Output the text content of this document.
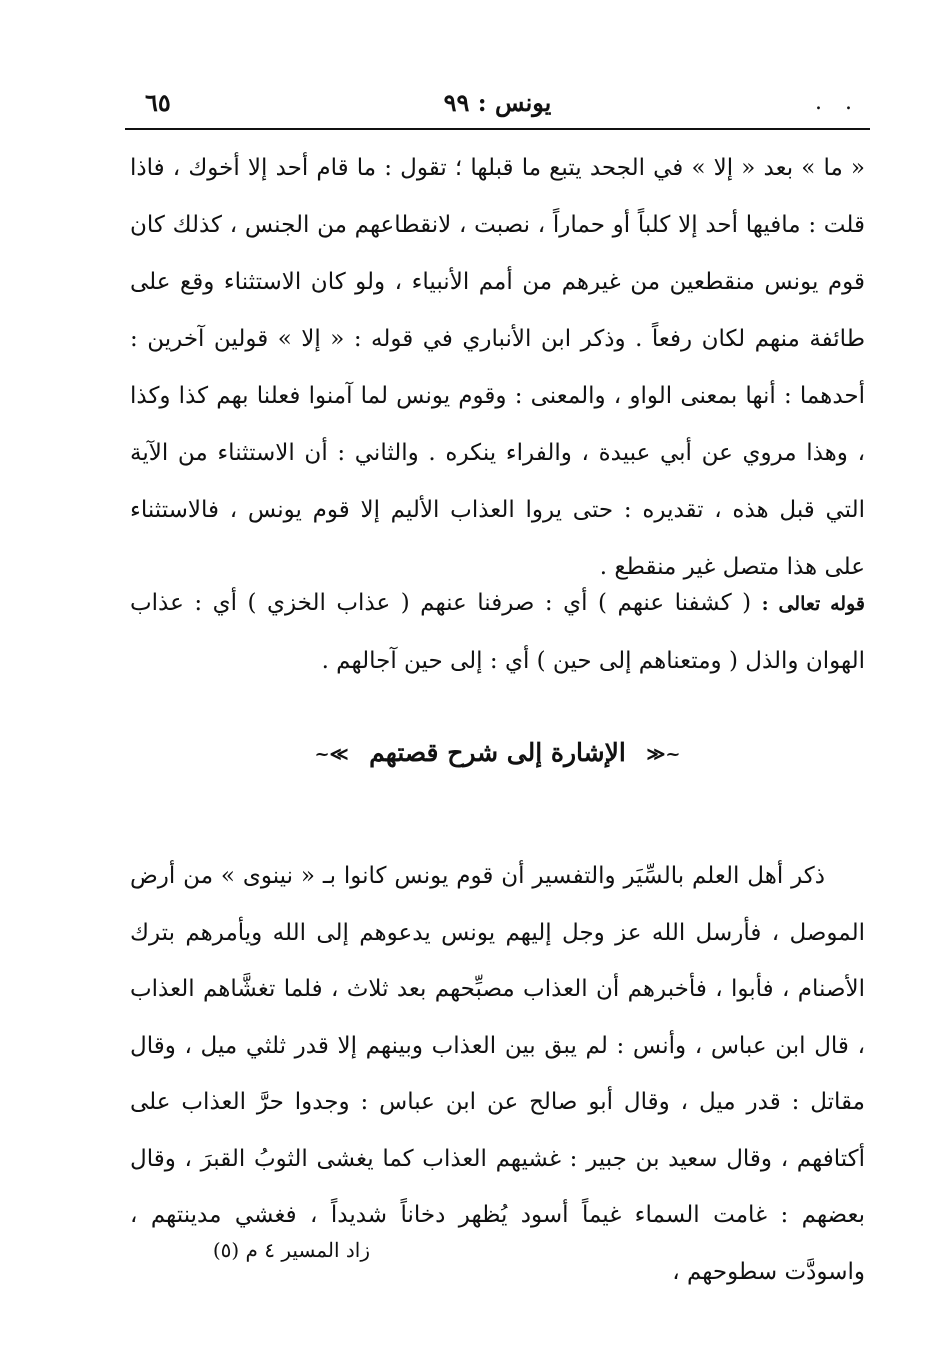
٦٥	يونس : ٩٩	. .
« ما » بعد « إلا » في الجحد يتبع ما قبلها ؛ تقول : ما قام أحد إلا أخوك ، فاذا قلت : مافيها أحد إلا كلباً أو حماراً ، نصبت ، لانقطاعهم من الجنس ، كذلك كان قوم يونس منقطعين من غيرهم من أمم الأنبياء ، ولو كان الاستثناء وقع على طائفة منهم لكان رفعاً . وذكر ابن الأنباري في قوله : « إلا » قولين آخرين : أحدهما : أنها بمعنى الواو ، والمعنى : وقوم يونس لما آمنوا فعلنا بهم كذا وكذا ، وهذا مروي عن أبي عبيدة ، والفراء ينكره . والثاني : أن الاستثناء من الآية التي قبل هذه ، تقديره : حتى يروا العذاب الأليم إلا قوم يونس ، فالاستثناء على هذا متصل غير منقطع .
قوله تعالى : ( كشفنا عنهم ) أي : صرفنا عنهم ( عذاب الخزي ) أي : عذاب الهوان والذل ( ومتعناهم إلى حين ) أي : إلى حين آجالهم .
~≪ الإشارة إلى شرح قصتهم ≫~
ذكر أهل العلم بالسِّيَر والتفسير أن قوم يونس كانوا بـ « نينوى » من أرض الموصل ، فأرسل الله عز وجل إليهم يونس يدعوهم إلى الله ويأمرهم بترك الأصنام ، فأبوا ، فأخبرهم أن العذاب مصبِّحهم بعد ثلاث ، فلما تغشَّاهم العذاب ، قال ابن عباس ، وأنس : لم يبق بين العذاب وبينهم إلا قدر ثلثي ميل ، وقال مقاتل : قدر ميل ، وقال أبو صالح عن ابن عباس : وجدوا حرَّ العذاب على أكتافهم ، وقال سعيد بن جبير : غشيهم العذاب كما يغشى الثوبُ القبرَ ، وقال بعضهم : غامت السماء غيماً أسود يُظهر دخاناً شديداً ، فغشي مدينتهم ، واسودَّت سطوحهم ،
زاد المسير ٤ م (٥)
